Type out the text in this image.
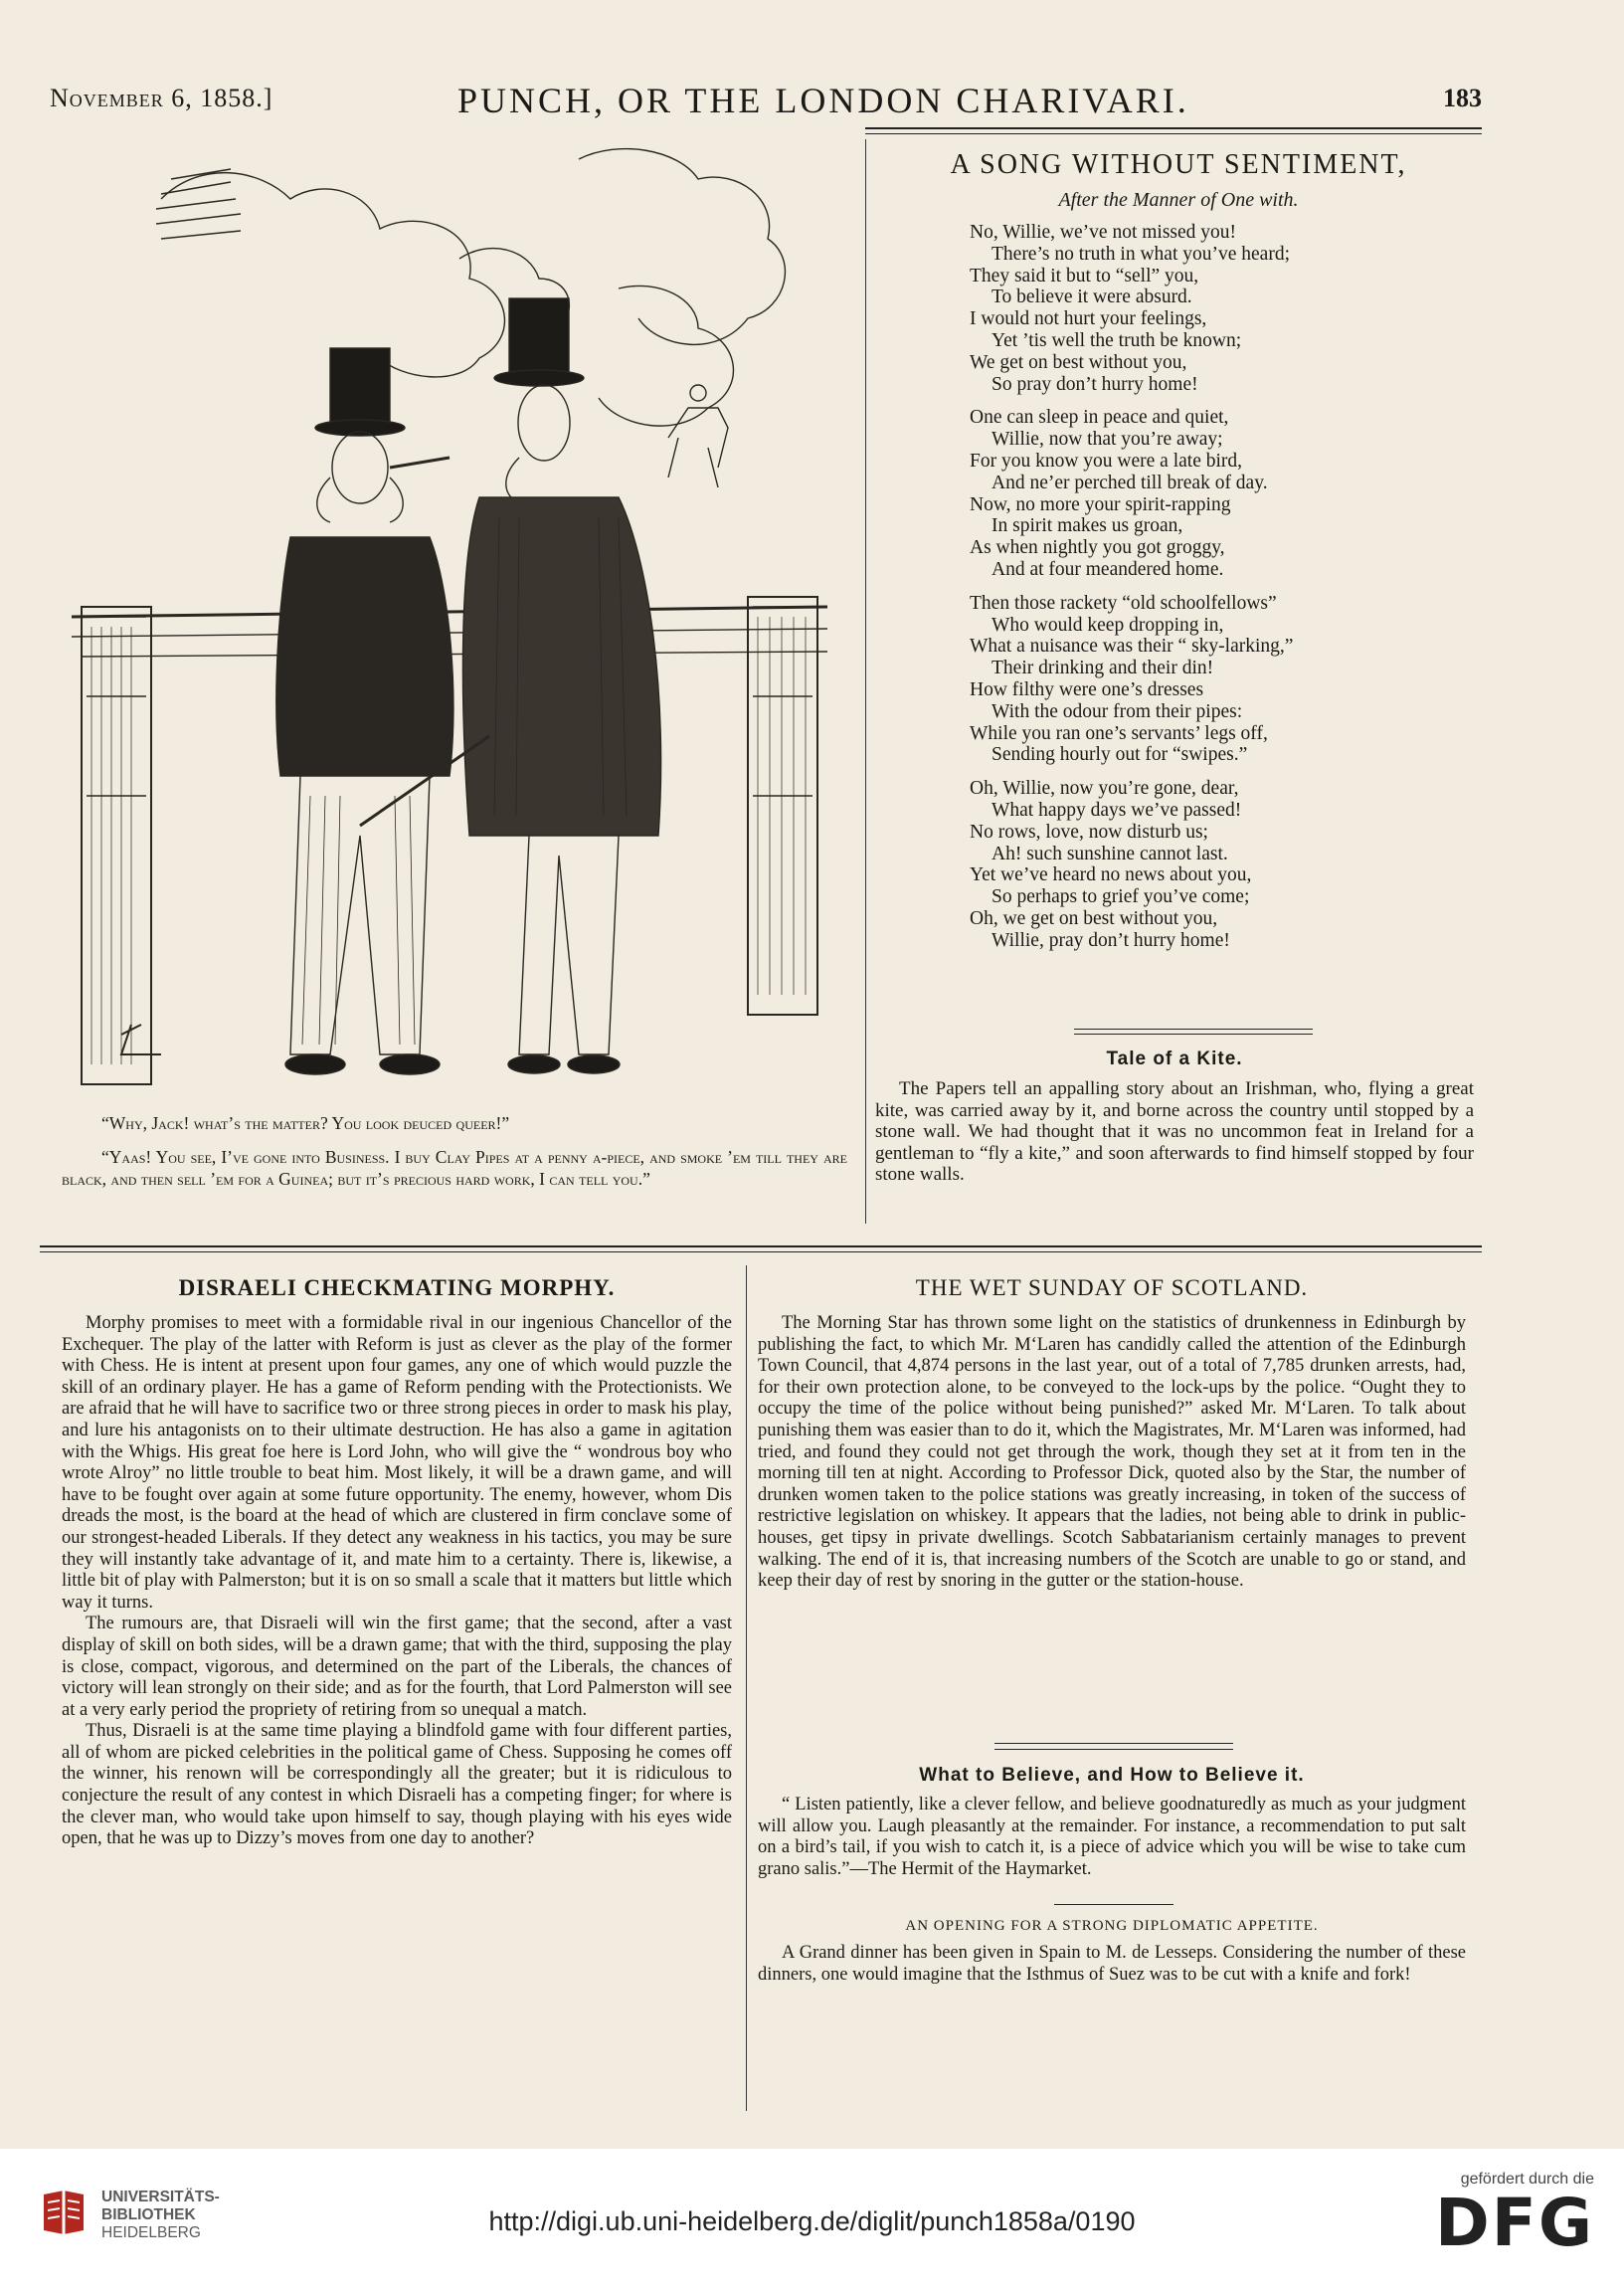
November 6, 1858.]	PUNCH, OR THE LONDON CHARIVARI.	183
“Why, Jack! what’s the matter? You look deuced queer!”
“Yaas! You see, I’ve gone into Business. I buy Clay Pipes at a penny a-piece, and smoke ’em till they are black, and then sell ’em for a Guinea; but it’s precious hard work, I can tell you.”
A SONG WITHOUT SENTIMENT,
After the Manner of One with.
No, Willie, we’ve not missed you!
There’s no truth in what you’ve heard;
They said it but to “sell” you,
To believe it were absurd.
I would not hurt your feelings,
Yet ’tis well the truth be known;
We get on best without you,
So pray don’t hurry home!
One can sleep in peace and quiet,
Willie, now that you’re away;
For you know you were a late bird,
And ne’er perched till break of day.
Now, no more your spirit-rapping
In spirit makes us groan,
As when nightly you got groggy,
And at four meandered home.
Then those rackety “old schoolfellows”
Who would keep dropping in,
What a nuisance was their “ sky-larking,”
Their drinking and their din!
How filthy were one’s dresses
With the odour from their pipes:
While you ran one’s servants’ legs off,
Sending hourly out for “swipes.”
Oh, Willie, now you’re gone, dear,
What happy days we’ve passed!
No rows, love, now disturb us;
Ah! such sunshine cannot last.
Yet we’ve heard no news about you,
So perhaps to grief you’ve come;
Oh, we get on best without you,
Willie, pray don’t hurry home!
Tale of a Kite.

The Papers tell an appalling story about an Irishman, who, flying a great kite, was carried away by it, and borne across the country until stopped by a stone wall. We had thought that it was no uncommon feat in Ireland for a gentleman to “fly a kite,” and soon afterwards to find himself stopped by four stone walls.

DISRAELI CHECKMATING MORPHY.

Morphy promises to meet with a formidable rival in our ingenious Chancellor of the Exchequer. The play of the latter with Reform is just as clever as the play of the former with Chess. He is intent at present upon four games, any one of which would puzzle the skill of an ordinary player. He has a game of Reform pending with the Protectionists. We are afraid that he will have to sacrifice two or three strong pieces in order to mask his play, and lure his antagonists on to their ultimate destruction. He has also a game in agitation with the Whigs. His great foe here is Lord John, who will give the “ wondrous boy who wrote Alroy” no little trouble to beat him. Most likely, it will be a drawn game, and will have to be fought over again at some future opportunity. The enemy, however, whom Dis dreads the most, is the board at the head of which are clustered in firm conclave some of our strongest-headed Liberals. If they detect any weakness in his tactics, you may be sure they will instantly take advantage of it, and mate him to a certainty. There is, likewise, a little bit of play with Palmerston; but it is on so small a scale that it matters but little which way it turns.

The rumours are, that Disraeli will win the first game; that the second, after a vast display of skill on both sides, will be a drawn game; that with the third, supposing the play is close, compact, vigorous, and determined on the part of the Liberals, the chances of victory will lean strongly on their side; and as for the fourth, that Lord Palmerston will see at a very early period the propriety of retiring from so unequal a match.

Thus, Disraeli is at the same time playing a blindfold game with four different parties, all of whom are picked celebrities in the political game of Chess. Supposing he comes off the winner, his renown will be correspondingly all the greater; but it is ridiculous to conjecture the result of any contest in which Disraeli has a competing finger; for where is the clever man, who would take upon himself to say, though playing with his eyes wide open, that he was up to Dizzy’s moves from one day to another?

THE WET SUNDAY OF SCOTLAND.

The Morning Star has thrown some light on the statistics of drunkenness in Edinburgh by publishing the fact, to which Mr. M‘Laren has candidly called the attention of the Edinburgh Town Council, that 4,874 persons in the last year, out of a total of 7,785 drunken arrests, had, for their own protection alone, to be conveyed to the lock-ups by the police. “Ought they to occupy the time of the police without being punished?” asked Mr. M‘Laren. To talk about punishing them was easier than to do it, which the Magistrates, Mr. M‘Laren was informed, had tried, and found they could not get through the work, though they set at it from ten in the morning till ten at night. According to Professor Dick, quoted also by the Star, the number of drunken women taken to the police stations was greatly increasing, in token of the success of restrictive legislation on whiskey. It appears that the ladies, not being able to drink in public-houses, get tipsy in private dwellings. Scotch Sabbatarianism certainly manages to prevent walking. The end of it is, that increasing numbers of the Scotch are unable to go or stand, and keep their day of rest by snoring in the gutter or the station-house.

What to Believe, and How to Believe it.

“ Listen patiently, like a clever fellow, and believe goodnaturedly as much as your judgment will allow you. Laugh pleasantly at the remainder. For instance, a recommendation to put salt on a bird’s tail, if you wish to catch it, is a piece of advice which you will be wise to take cum grano salis.”—The Hermit of the Haymarket.

AN OPENING FOR A STRONG DIPLOMATIC APPETITE.

A Grand dinner has been given in Spain to M. de Lesseps. Considering the number of these dinners, one would imagine that the Isthmus of Suez was to be cut with a knife and fork!

UNIVERSITÄTS-
BIBLIOTHEK
HEIDELBERG	http://digi.ub.uni-heidelberg.de/diglit/punch1858a/0190
gefördert durch die
DFG
